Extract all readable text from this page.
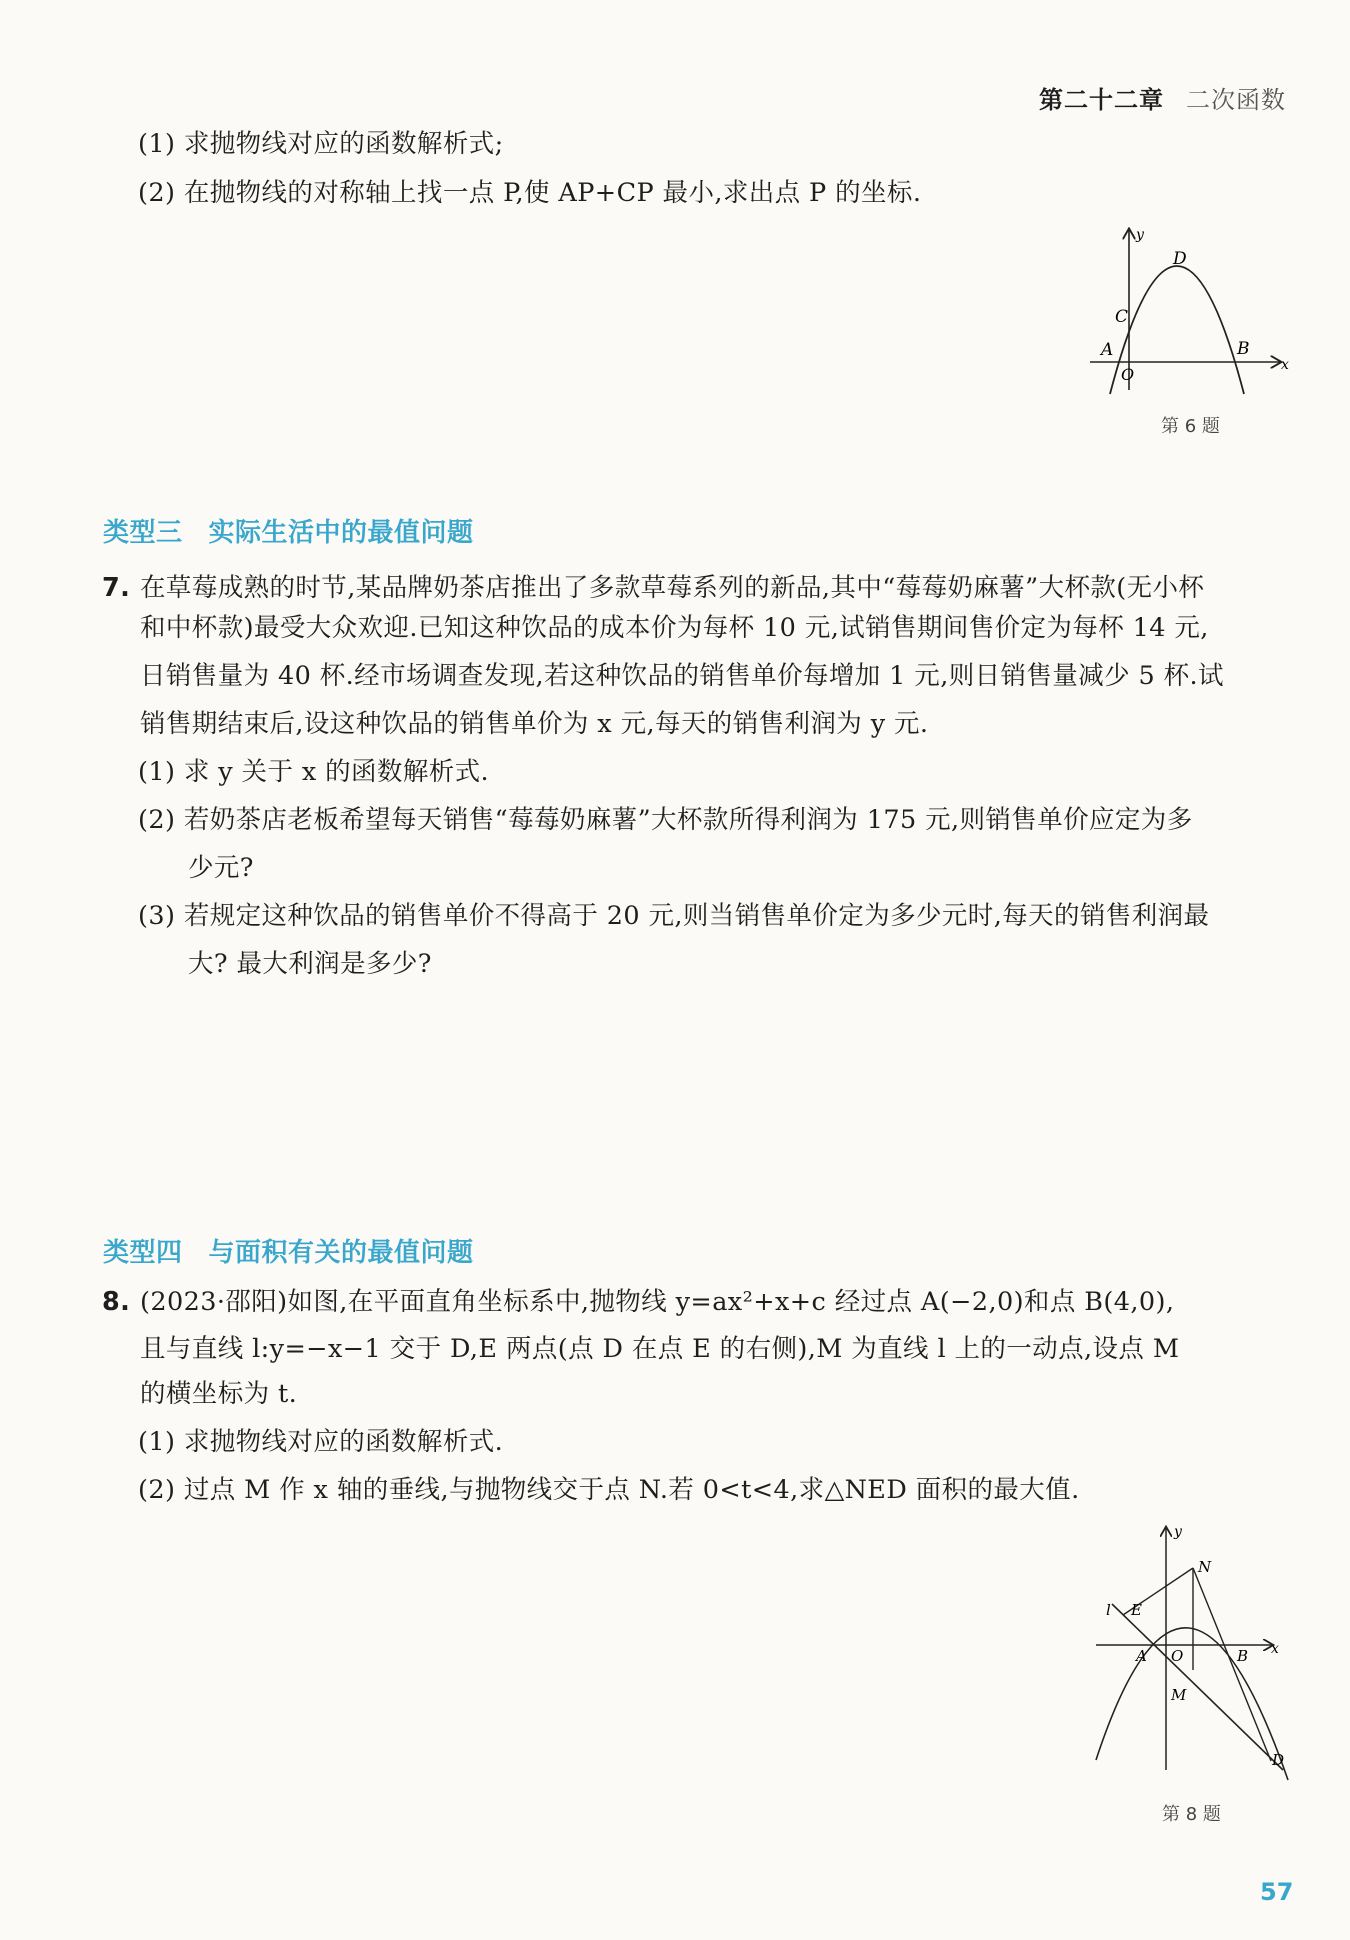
第二十二章 二次函数
(1) 求抛物线对应的函数解析式;
(2) 在抛物线的对称轴上找一点 P,使 AP+CP 最小,求出点 P 的坐标.
y
x
D
C
A
O
B
第 6 题
类型三 实际生活中的最值问题
7. 在草莓成熟的时节,某品牌奶茶店推出了多款草莓系列的新品,其中“莓莓奶麻薯”大杯款(无小杯
和中杯款)最受大众欢迎.已知这种饮品的成本价为每杯 10 元,试销售期间售价定为每杯 14 元,
日销售量为 40 杯.经市场调查发现,若这种饮品的销售单价每增加 1 元,则日销售量减少 5 杯.试
销售期结束后,设这种饮品的销售单价为 x 元,每天的销售利润为 y 元.
(1) 求 y 关于 x 的函数解析式.
(2) 若奶茶店老板希望每天销售“莓莓奶麻薯”大杯款所得利润为 175 元,则销售单价应定为多
少元?
(3) 若规定这种饮品的销售单价不得高于 20 元,则当销售单价定为多少元时,每天的销售利润最
大? 最大利润是多少?
类型四 与面积有关的最值问题
8. (2023·邵阳)如图,在平面直角坐标系中,抛物线 y=ax²+x+c 经过点 A(−2,0)和点 B(4,0),
且与直线 l:y=−x−1 交于 D,E 两点(点 D 在点 E 的右侧),M 为直线 l 上的一动点,设点 M
的横坐标为 t.
(1) 求抛物线对应的函数解析式.
(2) 过点 M 作 x 轴的垂线,与抛物线交于点 N.若 0<t<4,求△NED 面积的最大值.
y
x
N
l E
A O	B
M
D
第 8 题
57
